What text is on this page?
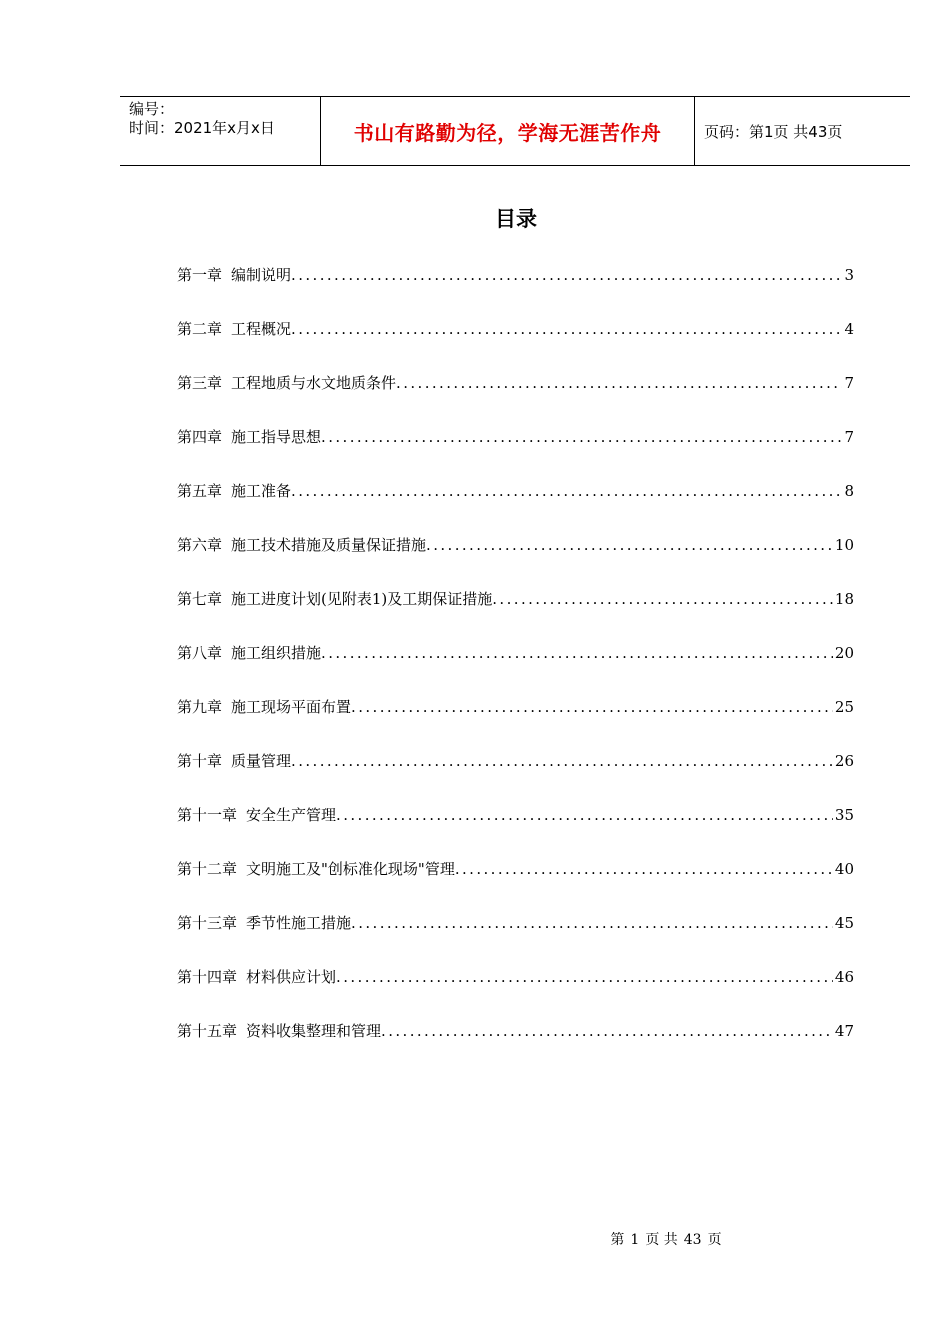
编号：
时间：2021年x月x日	书山有路勤为径，学海无涯苦作舟	页码：第1页 共43页
目录
第一章 编制说明 .....	3
第二章 工程概况 .....	4
第三章 工程地质与水文地质条件 .....	7
第四章 施工指导思想 .....	7
第五章 施工准备 .....	8
第六章 施工技术措施及质量保证措施 .....	10
第七章 施工进度计划(见附表1)及工期保证措施 .....	18
第八章 施工组织措施 .....	20
第九章 施工现场平面布置 .....	25
第十章 质量管理 .....	26
第十一章 安全生产管理 .....	35
第十二章 文明施工及"创标准化现场"管理 .....	40
第十三章 季节性施工措施 .....	45
第十四章 材料供应计划 .....	46
第十五章 资料收集整理和管理 .....	47
第 1 页 共 43 页
